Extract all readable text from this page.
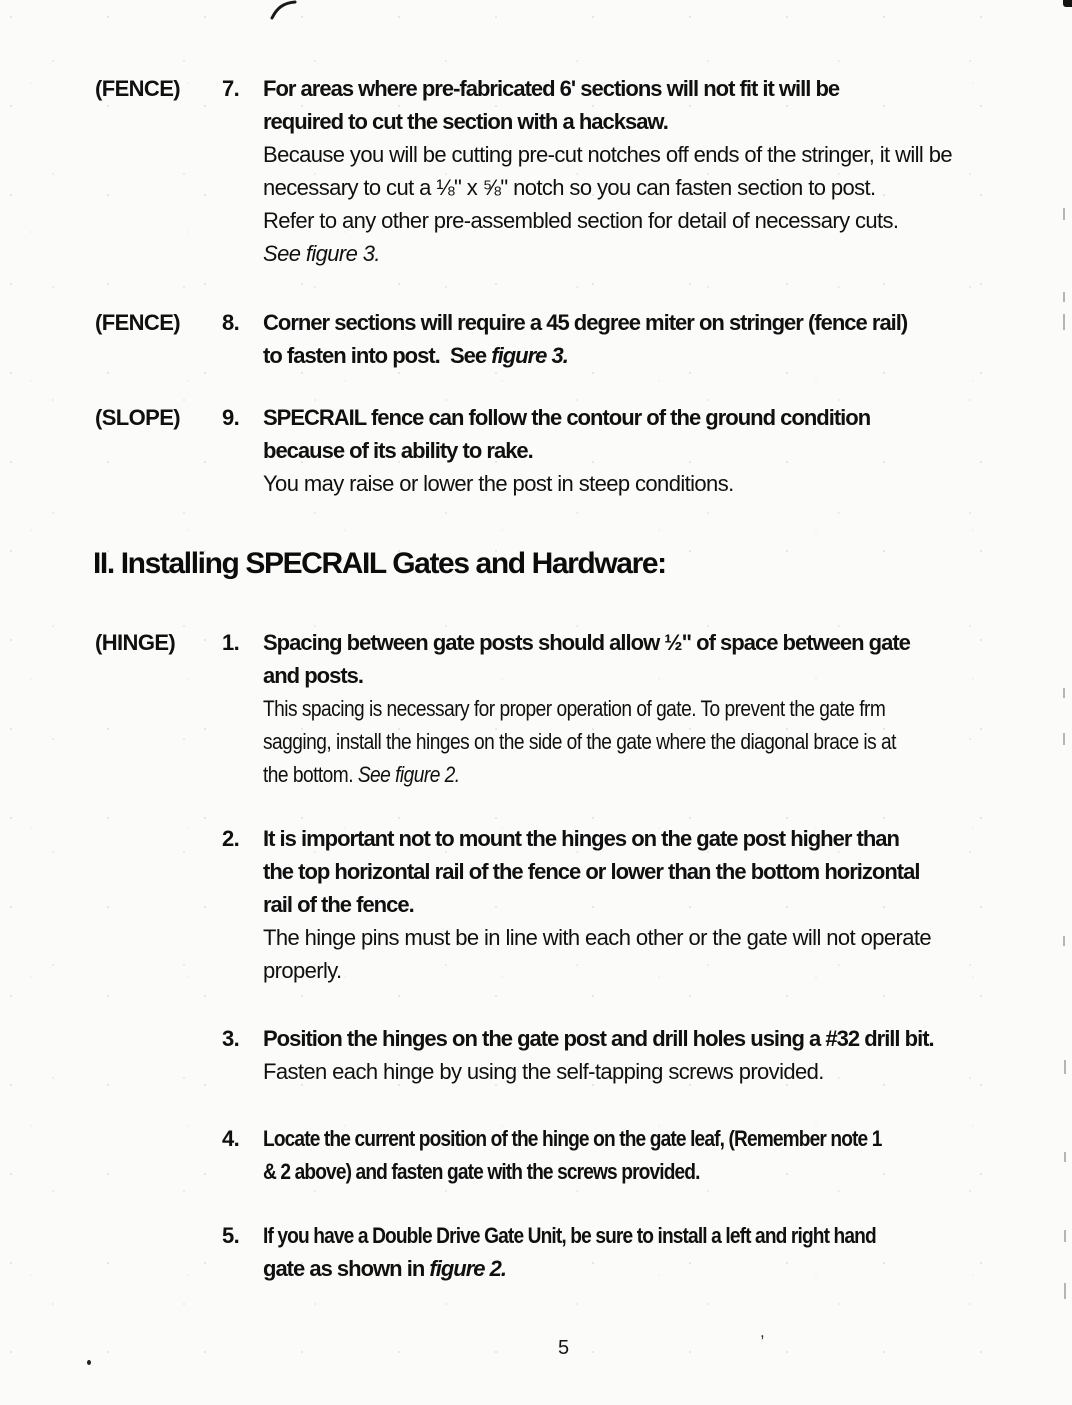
,
(FENCE)	7.	For areas where pre-fabricated 6' sections will not fit it will be
required to cut the section with a hacksaw.
Because you will be cutting pre-cut notches off ends of the stringer, it will be
necessary to cut a ⅛" x ⅝" notch so you can fasten section to post.
Refer to any other pre-assembled section for detail of necessary cuts.
See figure 3.
(FENCE)	8.	Corner sections will require a 45 degree miter on stringer (fence rail)
to fasten into post.  See figure 3.
(SLOPE)	9.	SPECRAIL fence can follow the contour of the ground condition
because of its ability to rake.
You may raise or lower the post in steep conditions.
II. Installing SPECRAIL Gates and Hardware:
(HINGE)	1.	Spacing between gate posts should allow ½" of space between gate
and posts.
This spacing is necessary for proper operation of gate. To prevent the gate frm
sagging, install the hinges on the side of the gate where the diagonal brace is at
the bottom. See figure 2.
2.	It is important not to mount the hinges on the gate post higher than
the top horizontal rail of the fence or lower than the bottom horizontal
rail of the fence.
The hinge pins must be in line with each other or the gate will not operate
properly.
3.	Position the hinges on the gate post and drill holes using a #32 drill bit.
Fasten each hinge by using the self-tapping screws provided.
4.	Locate the current position of the hinge on the gate leaf, (Remember note 1
& 2 above) and fasten gate with the screws provided.
5.	If you have a Double Drive Gate Unit, be sure to install a left and right hand
gate as shown in figure 2.
5
